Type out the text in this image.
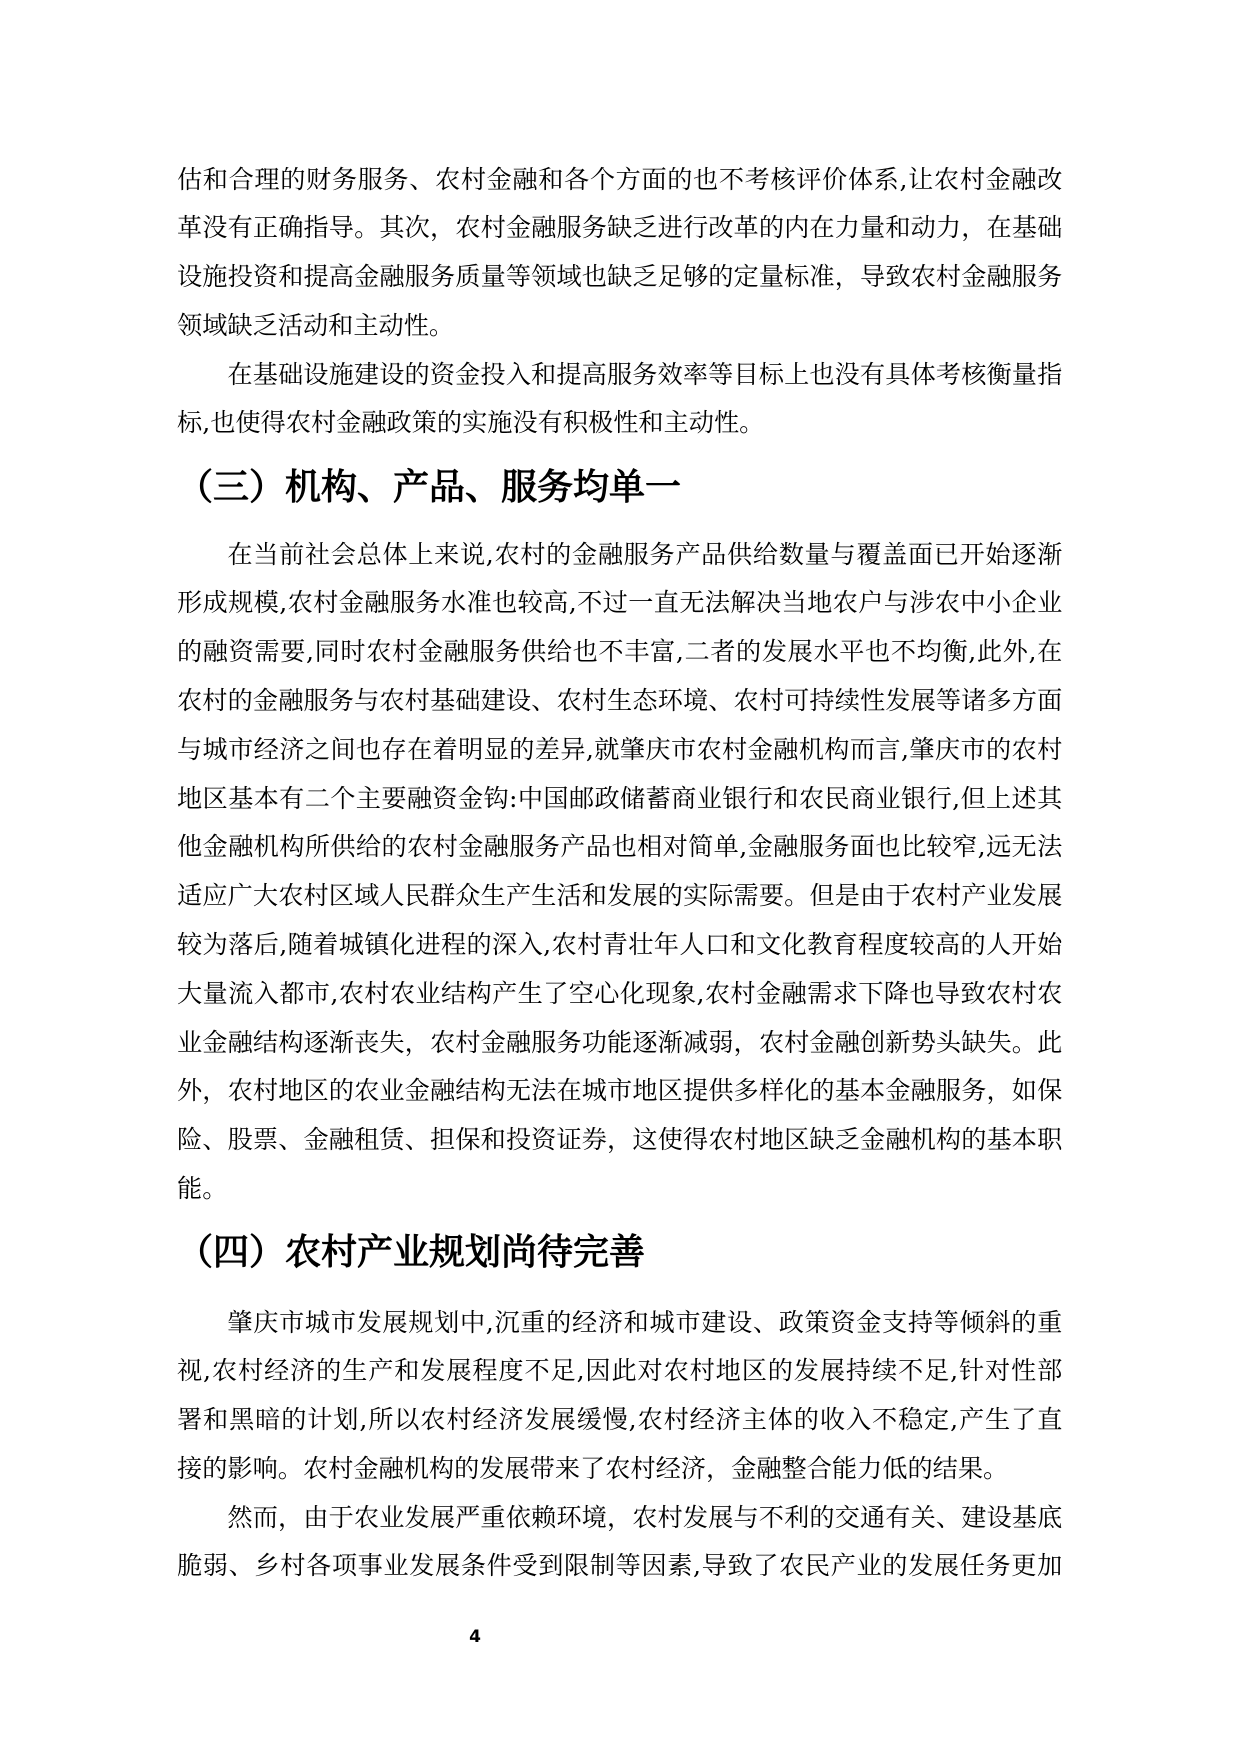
估和合理的财务服务、农村金融和各个方面的也不考核评价体系,让农村金融改
革没有正确指导。其次，农村金融服务缺乏进行改革的内在力量和动力，在基础
设施投资和提高金融服务质量等领域也缺乏足够的定量标准，导致农村金融服务
领域缺乏活动和主动性。
在基础设施建设的资金投入和提高服务效率等目标上也没有具体考核衡量指
标,也使得农村金融政策的实施没有积极性和主动性。
（三）机构、产品、服务均单一
在当前社会总体上来说,农村的金融服务产品供给数量与覆盖面已开始逐渐
形成规模,农村金融服务水准也较高,不过一直无法解决当地农户与涉农中小企业
的融资需要,同时农村金融服务供给也不丰富,二者的发展水平也不均衡,此外,在
农村的金融服务与农村基础建设、农村生态环境、农村可持续性发展等诸多方面
与城市经济之间也存在着明显的差异,就肇庆市农村金融机构而言,肇庆市的农村
地区基本有二个主要融资金钩:中国邮政储蓄商业银行和农民商业银行,但上述其
他金融机构所供给的农村金融服务产品也相对简单,金融服务面也比较窄,远无法
适应广大农村区域人民群众生产生活和发展的实际需要。但是由于农村产业发展
较为落后,随着城镇化进程的深入,农村青壮年人口和文化教育程度较高的人开始
大量流入都市,农村农业结构产生了空心化现象,农村金融需求下降也导致农村农
业金融结构逐渐丧失，农村金融服务功能逐渐减弱，农村金融创新势头缺失。此
外，农村地区的农业金融结构无法在城市地区提供多样化的基本金融服务，如保
险、股票、金融租赁、担保和投资证券，这使得农村地区缺乏金融机构的基本职
能。
（四）农村产业规划尚待完善
肇庆市城市发展规划中,沉重的经济和城市建设、政策资金支持等倾斜的重
视,农村经济的生产和发展程度不足,因此对农村地区的发展持续不足,针对性部
署和黑暗的计划,所以农村经济发展缓慢,农村经济主体的收入不稳定,产生了直
接的影响。农村金融机构的发展带来了农村经济，金融整合能力低的结果。
然而，由于农业发展严重依赖环境，农村发展与不利的交通有关、建设基底
脆弱、乡村各项事业发展条件受到限制等因素,导致了农民产业的发展任务更加
4
